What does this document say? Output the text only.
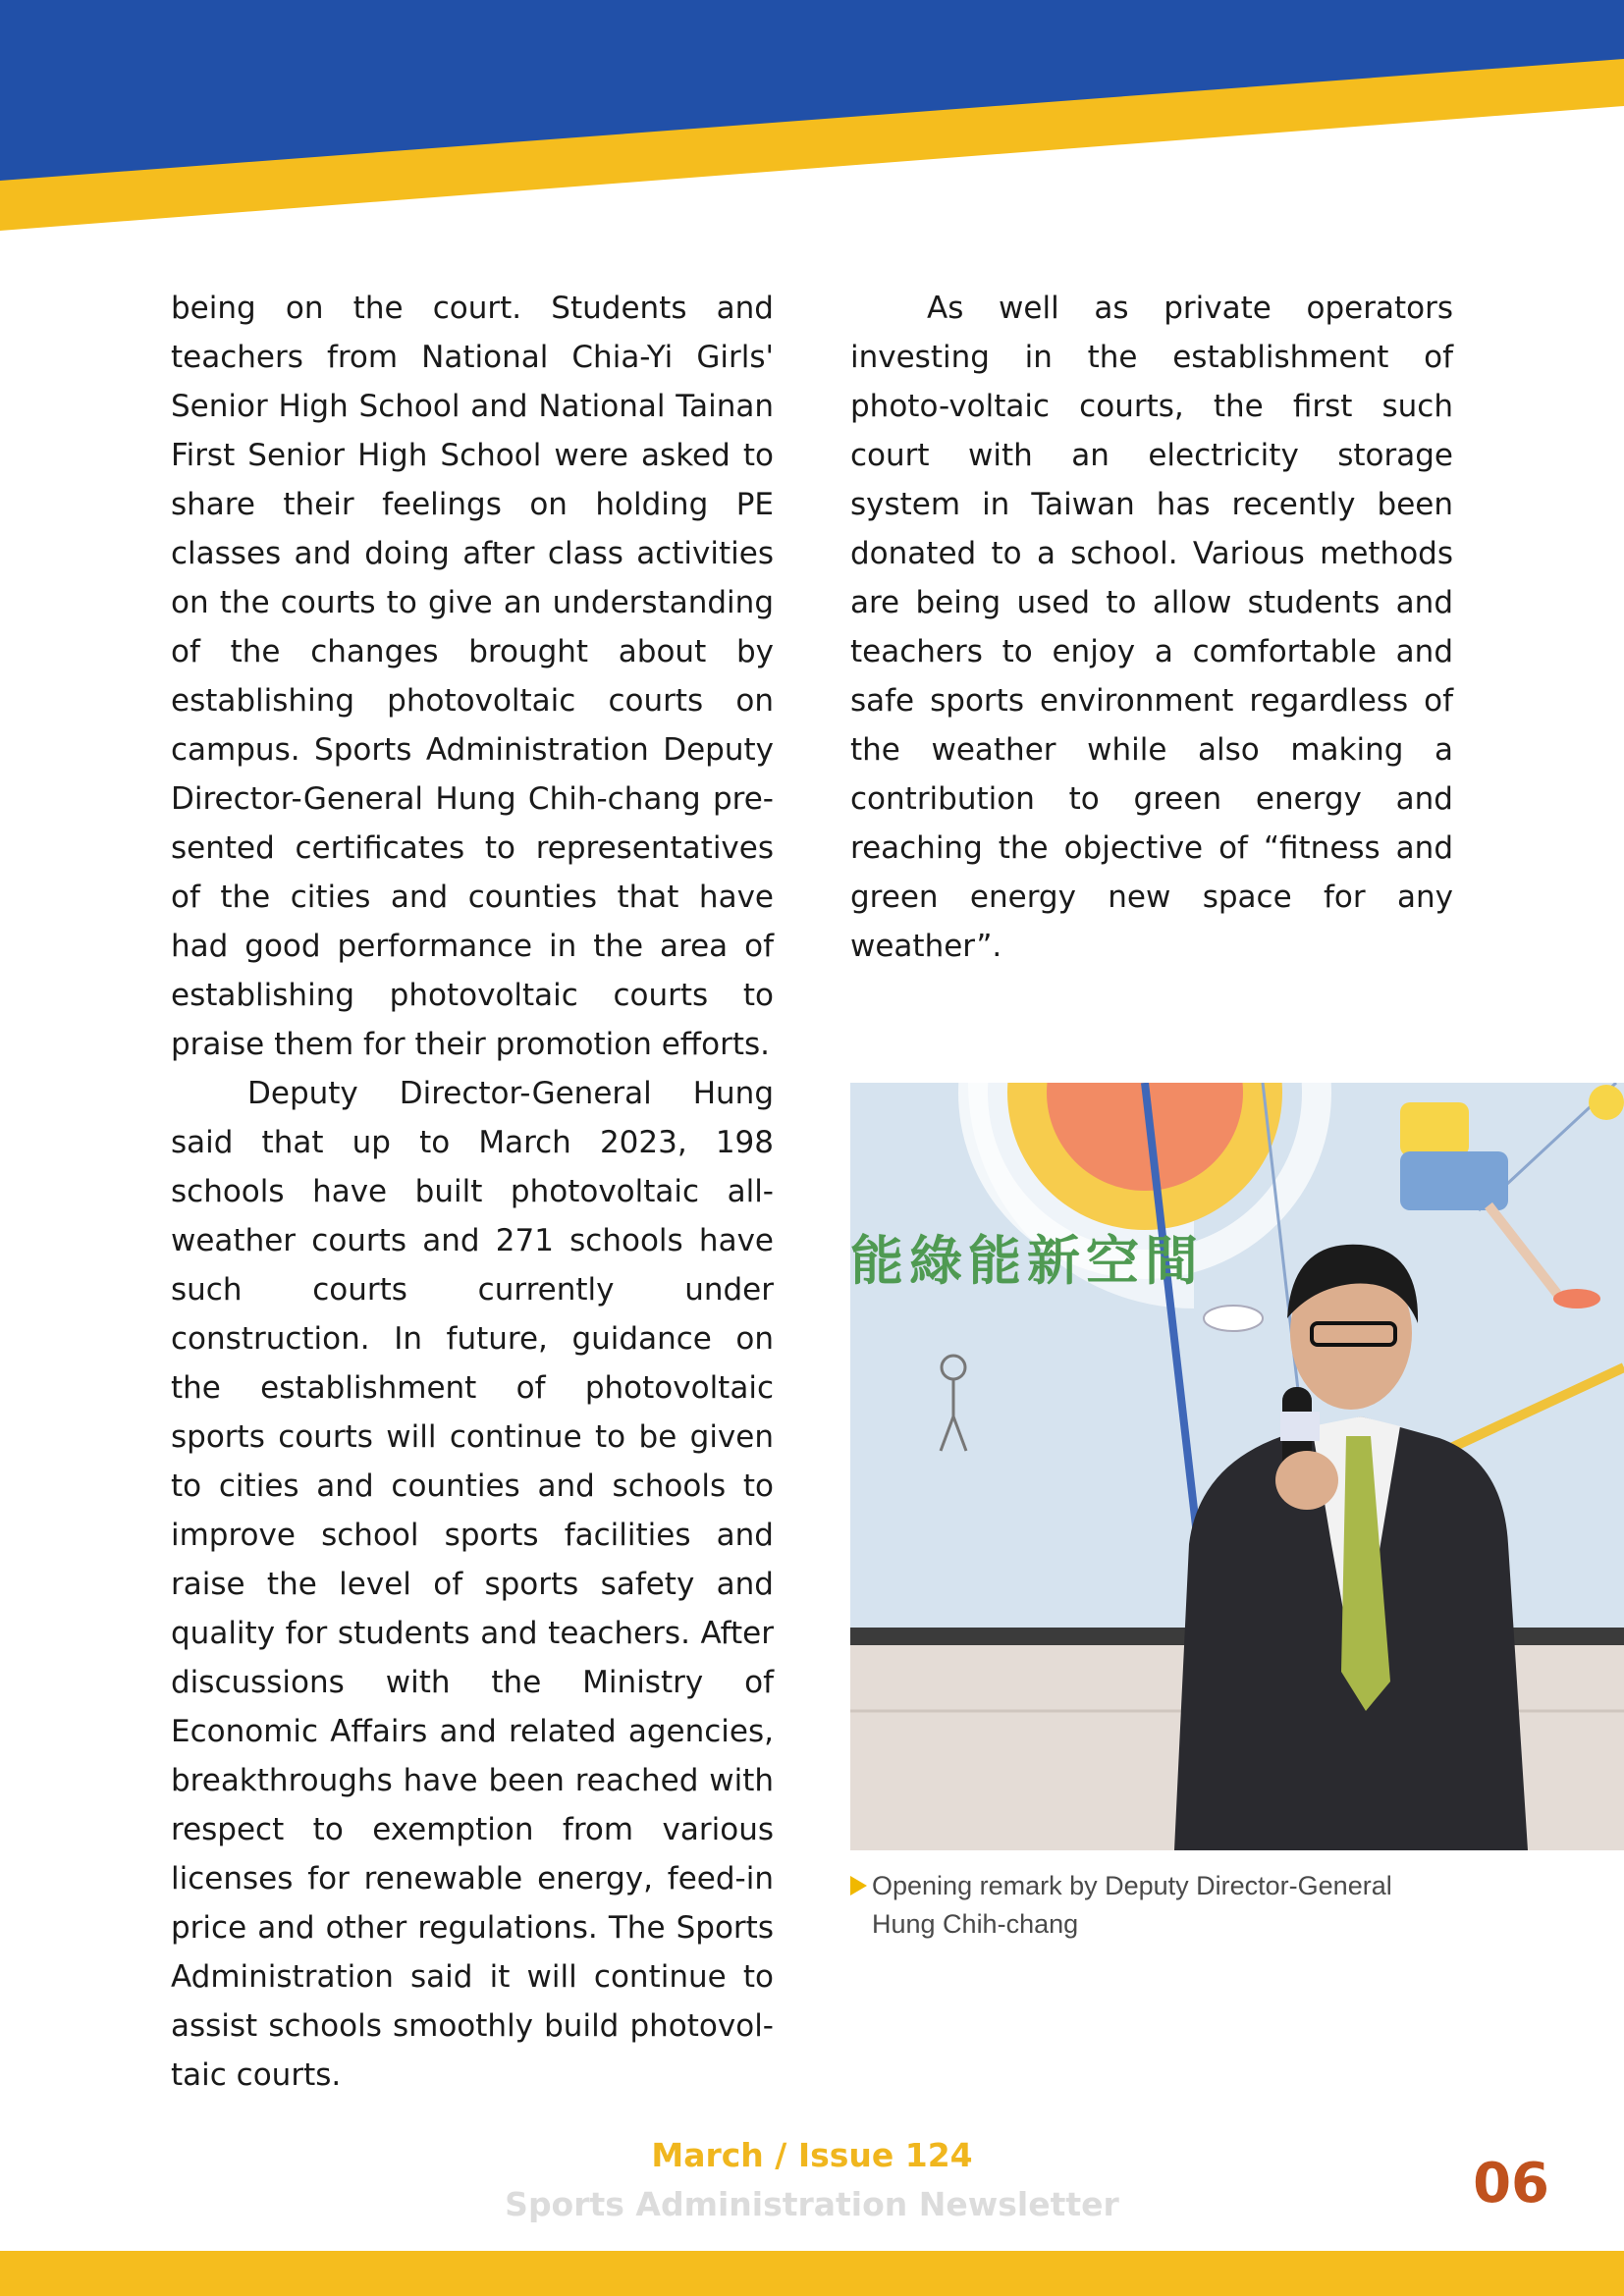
being on the court. Students and teachers from National Chia-Yi Girls' Senior High School and National Tainan First Senior High School were asked to share their feelings on holding PE classes and doing after class activities on the courts to give an understanding of the changes brought about by establishing photovoltaic courts on campus. Sports Administration Deputy Director-General Hung Chih-chang pre-sented certificates to representatives of the cities and counties that have had good performance in the area of establishing photovoltaic courts to praise them for their promotion efforts.

Deputy Director-General Hung said that up to March 2023, 198 schools have built photovoltaic all-weather courts and 271 schools have such courts currently under construction. In future, guidance on the establishment of photovoltaic sports courts will continue to be given to cities and counties and schools to improve school sports facilities and raise the level of sports safety and quality for students and teachers. After discussions with the Ministry of Economic Affairs and related agencies, breakthroughs have been reached with respect to exemption from various licenses for renewable energy, feed-in price and other regulations. The Sports Administration said it will continue to assist schools smoothly build photovol-taic courts.

As well as private operators investing in the establishment of photo-voltaic courts, the first such court with an electricity storage system in Taiwan has recently been donated to a school. Various methods are being used to allow students and teachers to enjoy a comfortable and safe sports environment regardless of the weather while also making a contribution to green energy and reaching the objective of “fitness and green energy new space for any weather”.

能綠能新空間
Opening remark by Deputy Director-General Hung Chih-chang
March / Issue 124
Sports Administration Newsletter	06
